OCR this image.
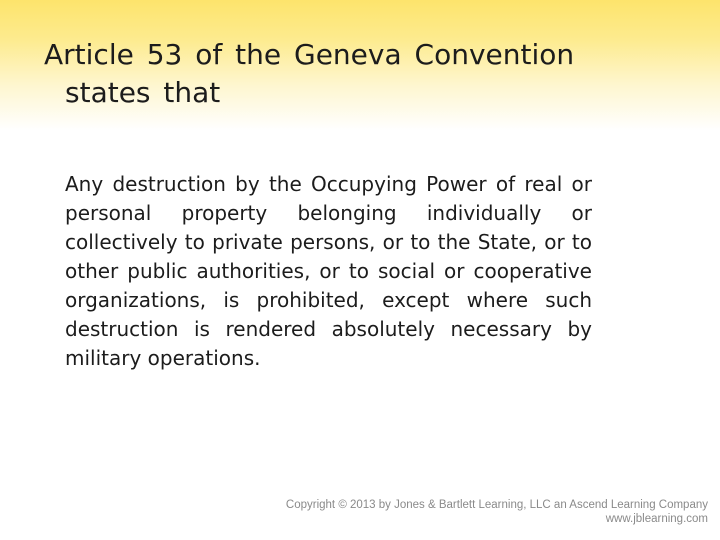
Article 53 of the Geneva Convention states that
Any destruction by the Occupying Power of real or personal property belonging individually or collectively to private persons, or to the State, or to other public authorities, or to social or cooperative organizations, is prohibited, except where such destruction is rendered absolutely necessary by military operations.
Copyright © 2013 by Jones & Bartlett Learning, LLC an Ascend Learning Company
www.jblearning.com
